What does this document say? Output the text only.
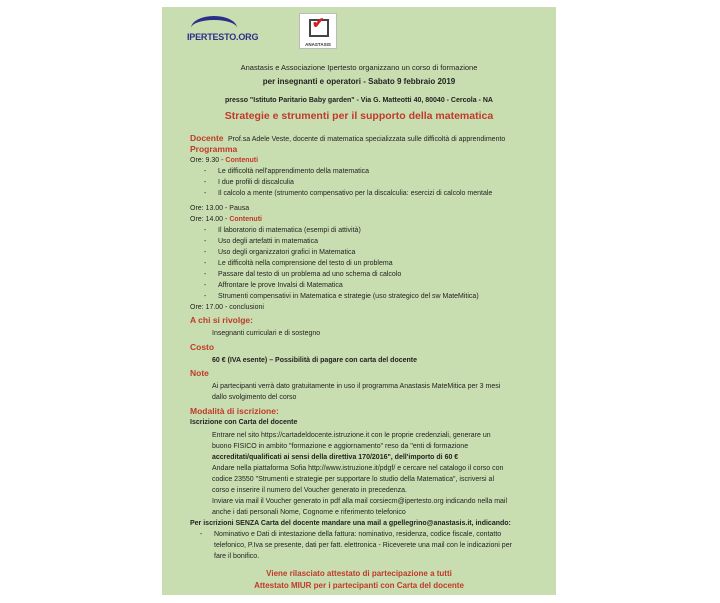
IPERTESTO.ORG
✔
ANASTASIS
Anastasis e Associazione Ipertesto organizzano un corso di formazione
per insegnanti e operatori - Sabato 9 febbraio 2019
presso "Istituto Paritario Baby garden" - Via G. Matteotti 40, 80040 - Cercola - NA
Strategie e strumenti per il supporto della matematica
Docente Prof.sa Adele Veste, docente di matematica specializzata sulle difficoltà di apprendimento
Programma
Ore: 9.30 - Contenuti
- Le difficoltà nell'apprendimento della matematica
- I due profili di discalculia
- Il calcolo a mente (strumento compensativo per la discalculia: esercizi di calcolo mentale
Ore: 13.00 - Pausa
Ore: 14.00 - Contenuti
- Il laboratorio di matematica (esempi di attività)
- Uso degli artefatti in matematica
- Uso degli organizzatori grafici in Matematica
- Le difficoltà nella comprensione del testo di un problema
- Passare dal testo di un problema ad uno schema di calcolo
- Affrontare le prove Invalsi di Matematica
- Strumenti compensativi in Matematica e strategie (uso strategico del sw MateMitica)
Ore: 17.00 - conclusioni
A chi si rivolge:
Insegnanti curriculari e di sostegno
Costo
60 € (IVA esente) – Possibilità di pagare con carta del docente
Note
Ai partecipanti verrà dato gratuitamente in uso il programma Anastasis MateMitica per 3 mesi
dallo svolgimento del corso
Modalità di iscrizione:
Iscrizione con Carta del docente
Entrare nel sito https://cartadeldocente.istruzione.it con le proprie credenziali, generare un
buono FISICO in ambito "formazione e aggiornamento" reso da "enti di formazione
accreditati/qualificati ai sensi della direttiva 170/2016", dell'importo di 60 €
Andare nella piattaforma Sofia http://www.istruzione.it/pdgf/ e cercare nel catalogo il corso con
codice 23550 "Strumenti e strategie per supportare lo studio della Matematica", iscriversi al
corso e inserire il numero del Voucher generato in precedenza.
Inviare via mail il Voucher generato in pdf alla mail corsiecm@ipertesto.org indicando nella mail
anche i dati personali Nome, Cognome e riferimento telefonico
Per iscrizioni SENZA Carta del docente mandare una mail a gpellegrino@anastasis.it, indicando:
- Nominativo e Dati di intestazione della fattura: nominativo, residenza, codice fiscale, contatto
telefonico, P.Iva se presente, dati per fatt. elettronica - Riceverete una mail con le indicazioni per
fare il bonifico.
Viene rilasciato attestato di partecipazione a tutti
Attestato MIUR per i partecipanti con Carta del docente
